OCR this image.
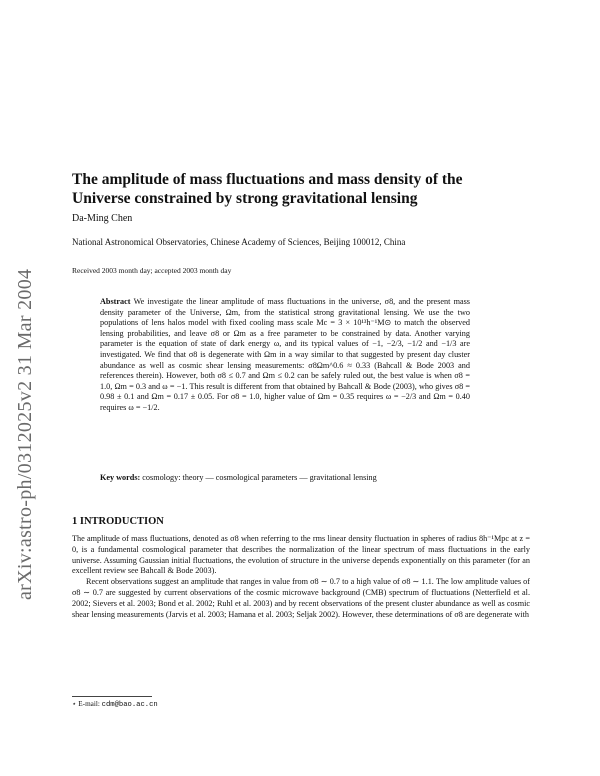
arXiv:astro-ph/0312025v2 31 Mar 2004
The amplitude of mass fluctuations and mass density of the Universe constrained by strong gravitational lensing
Da-Ming Chen
National Astronomical Observatories, Chinese Academy of Sciences, Beijing 100012, China
Received 2003 month day; accepted 2003 month day

Abstract We investigate the linear amplitude of mass fluctuations in the universe, σ8, and the present mass density parameter of the Universe, Ωm, from the statistical strong gravitational lensing. We use the two populations of lens halos model with fixed cooling mass scale Mc = 3 × 10¹³h⁻¹M⊙ to match the observed lensing probabilities, and leave σ8 or Ωm as a free parameter to be constrained by data. Another varying parameter is the equation of state of dark energy ω, and its typical values of −1, −2/3, −1/2 and −1/3 are investigated. We find that σ8 is degenerate with Ωm in a way similar to that suggested by present day cluster abundance as well as cosmic shear lensing measurements: σ8Ωm^0.6 ≈ 0.33 (Bahcall & Bode 2003 and references therein). However, both σ8 ≤ 0.7 and Ωm ≤ 0.2 can be safely ruled out, the best value is when σ8 = 1.0, Ωm = 0.3 and ω = −1. This result is different from that obtained by Bahcall & Bode (2003), who gives σ8 = 0.98 ± 0.1 and Ωm = 0.17 ± 0.05. For σ8 = 1.0, higher value of Ωm = 0.35 requires ω = −2/3 and Ωm = 0.40 requires ω = −1/2.

Key words: cosmology: theory — cosmological parameters — gravitational lensing

1 INTRODUCTION

The amplitude of mass fluctuations, denoted as σ8 when referring to the rms linear density fluctuation in spheres of radius 8h⁻¹Mpc at z = 0, is a fundamental cosmological parameter that describes the normalization of the linear spectrum of mass fluctuations in the early universe. Assuming Gaussian initial fluctuations, the evolution of structure in the universe depends exponentially on this parameter (for an excellent review see Bahcall & Bode 2003).

Recent observations suggest an amplitude that ranges in value from σ8 ∼ 0.7 to a high value of σ8 ∼ 1.1. The low amplitude values of σ8 ∼ 0.7 are suggested by current observations of the cosmic microwave background (CMB) spectrum of fluctuations (Netterfield et al. 2002; Sievers et al. 2003; Bond et al. 2002; Ruhl et al. 2003) and by recent observations of the present cluster abundance as well as cosmic shear lensing measurements (Jarvis et al. 2003; Hamana et al. 2003; Seljak 2002). However, these determinations of σ8 are degenerate with

⋆ E-mail: cdm@bao.ac.cn
